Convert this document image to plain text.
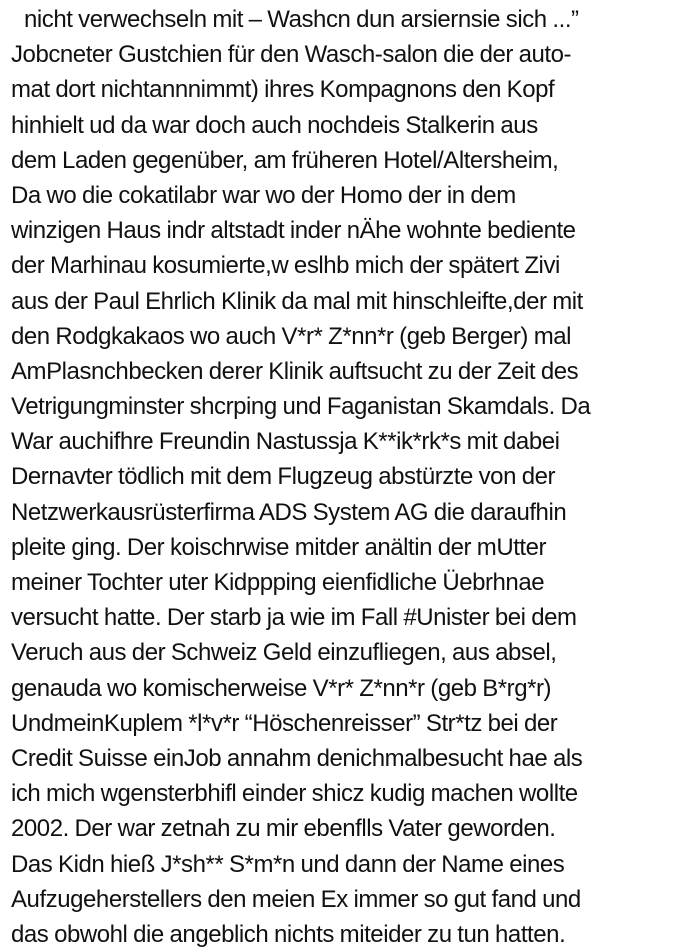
nicht verwechseln mit – Washcn dun arsiernsie sich ...”
Jobcneter Gustchien für den Wasch-salon die der auto-
mat dort nichtannnimmt) ihres Kompagnons den Kopf
hinhielt ud da war doch auch nochdeis Stalkerin aus
dem Laden gegenüber, am früheren Hotel/Altersheim,
Da wo die cokatilabr war wo der Homo der in dem
winzigen Haus indr altstadt inder nÄhe wohnte bediente
der Marhinau kosumierte,w eslhb mich der spätert Zivi
aus der Paul Ehrlich Klinik da mal mit hinschleifte,der mit
den Rodgkakaos wo auch V*r* Z*nn*r (geb Berger) mal
AmPlasnchbecken derer Klinik auftsucht zu der Zeit des
Vetrigungminster shcrping und Faganistan Skamdals. Da
War auchifhre Freundin Nastussja K**ik*rk*s mit dabei
Dernavter tödlich mit dem Flugzeug abstürzte von der
Netzwerkausrüsterfirma ADS System AG die daraufhin
pleite ging. Der koischrwise mitder anältin der mUtter
meiner Tochter uter Kidppping eienfidliche Üebrhnae
versucht hatte. Der starb ja wie im Fall #Unister bei dem
Veruch aus der Schweiz Geld einzufliegen, aus absel,
genauda wo komischerweise V*r* Z*nn*r (geb B*rg*r)
UndmeinKuplem *l*v*r “Höschenreisser” Str*tz bei der
Credit Suisse einJob annahm denichmalbesucht hae als
ich mich wgensterbhifl einder shicz kudig machen wollte
2002. Der war zetnah zu mir ebenflls Vater geworden.
Das Kidn hieß J*sh** S*m*n und dann der Name eines
Aufzugeherstellers den meien Ex immer so gut fand und
das obwohl die angeblich nichts miteider zu tun hatten.
